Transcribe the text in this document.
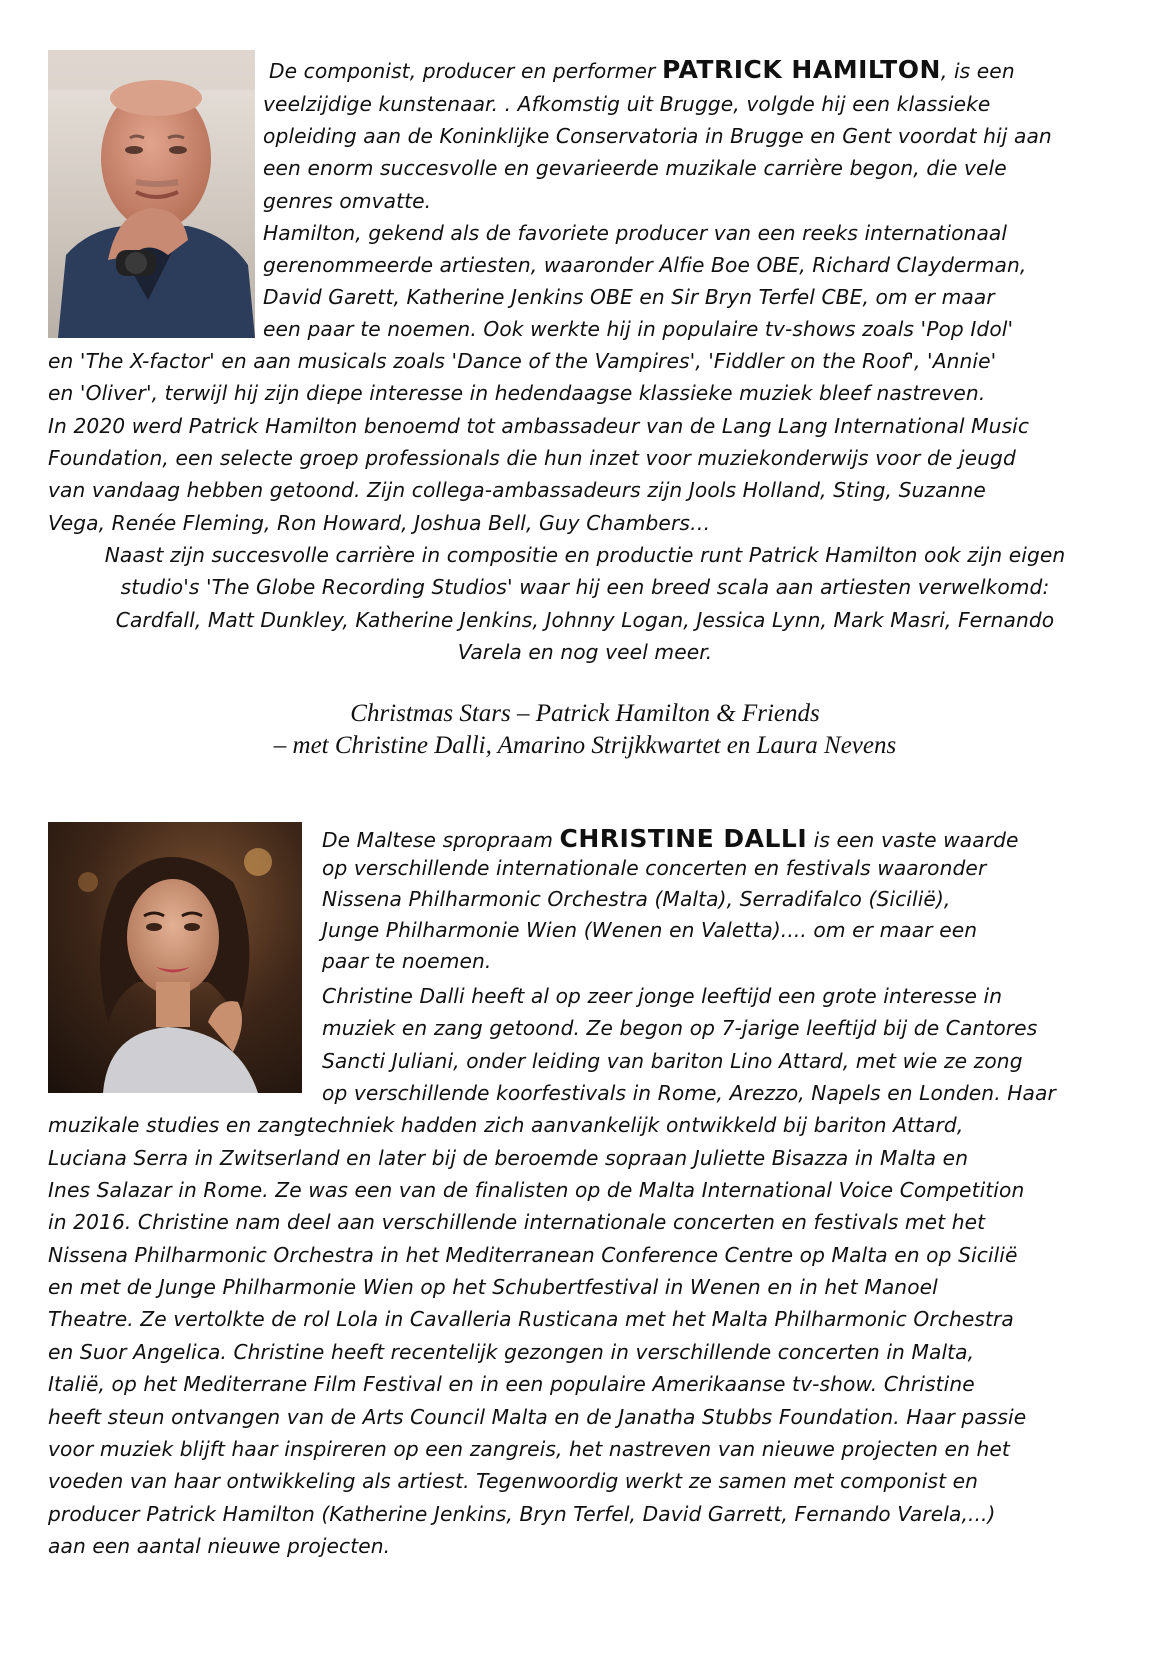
De componist, producer en performer PATRICK HAMILTON, is een
veelzijdige kunstenaar. . Afkomstig uit Brugge, volgde hij een klassieke
opleiding aan de Koninklijke Conservatoria in Brugge en Gent voordat hij aan
een enorm succesvolle en gevarieerde muzikale carrière begon, die vele
genres omvatte.
Hamilton, gekend als de favoriete producer van een reeks internationaal
gerenommeerde artiesten, waaronder Alfie Boe OBE, Richard Clayderman,
David Garett, Katherine Jenkins OBE en Sir Bryn Terfel CBE, om er maar
een paar te noemen. Ook werkte hij in populaire tv-shows zoals 'Pop Idol'
en 'The X-factor' en aan musicals zoals 'Dance of the Vampires', 'Fiddler on the Roof', 'Annie'
en 'Oliver', terwijl hij zijn diepe interesse in hedendaagse klassieke muziek bleef nastreven.
In 2020 werd Patrick Hamilton benoemd tot ambassadeur van de Lang Lang International Music
Foundation, een selecte groep professionals die hun inzet voor muziekonderwijs voor de jeugd
van vandaag hebben getoond. Zijn collega-ambassadeurs zijn Jools Holland, Sting, Suzanne
Vega, Renée Fleming, Ron Howard, Joshua Bell, Guy Chambers…
Naast zijn succesvolle carrière in compositie en productie runt Patrick Hamilton ook zijn eigen
studio's 'The Globe Recording Studios' waar hij een breed scala aan artiesten verwelkomd:
Cardfall, Matt Dunkley, Katherine Jenkins, Johnny Logan, Jessica Lynn, Mark Masri, Fernando
Varela en nog veel meer.
Christmas Stars – Patrick Hamilton & Friends
– met Christine Dalli, Amarino Strijkkwartet en Laura Nevens
De Maltese spropraam CHRISTINE DALLI is een vaste waarde
op verschillende internationale concerten en festivals waaronder
Nissena Philharmonic Orchestra (Malta), Serradifalco (Sicilië),
Junge Philharmonie Wien (Wenen en Valetta).... om er maar een
paar te noemen.
Christine Dalli heeft al op zeer jonge leeftijd een grote interesse in
muziek en zang getoond. Ze begon op 7-jarige leeftijd bij de Cantores
Sancti Juliani, onder leiding van bariton Lino Attard, met wie ze zong
op verschillende koorfestivals in Rome, Arezzo, Napels en Londen. Haar
muzikale studies en zangtechniek hadden zich aanvankelijk ontwikkeld bij bariton Attard,
Luciana Serra in Zwitserland en later bij de beroemde sopraan Juliette Bisazza in Malta en
Ines Salazar in Rome. Ze was een van de finalisten op de Malta International Voice Competition
in 2016. Christine nam deel aan verschillende internationale concerten en festivals met het
Nissena Philharmonic Orchestra in het Mediterranean Conference Centre op Malta en op Sicilië
en met de Junge Philharmonie Wien op het Schubertfestival in Wenen en in het Manoel
Theatre. Ze vertolkte de rol Lola in Cavalleria Rusticana met het Malta Philharmonic Orchestra
en Suor Angelica. Christine heeft recentelijk gezongen in verschillende concerten in Malta,
Italië, op het Mediterrane Film Festival en in een populaire Amerikaanse tv-show. Christine
heeft steun ontvangen van de Arts Council Malta en de Janatha Stubbs Foundation. Haar passie
voor muziek blijft haar inspireren op een zangreis, het nastreven van nieuwe projecten en het
voeden van haar ontwikkeling als artiest. Tegenwoordig werkt ze samen met componist en
producer Patrick Hamilton (Katherine Jenkins, Bryn Terfel, David Garrett, Fernando Varela,...)
aan een aantal nieuwe projecten.
